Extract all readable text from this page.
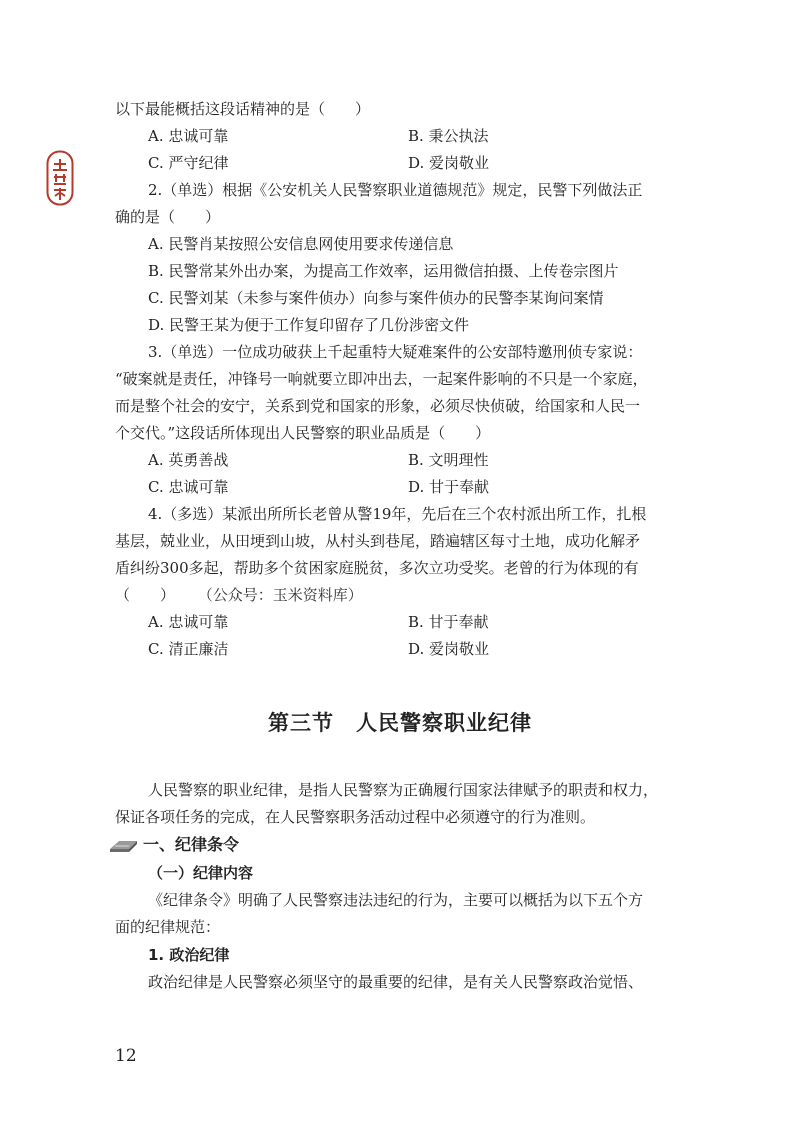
以下最能概括这段话精神的是（　　）
A. 忠诚可靠	B. 秉公执法
C. 严守纪律	D. 爱岗敬业
2.（单选）根据《公安机关人民警察职业道德规范》规定，民警下列做法正
确的是（　　）
A. 民警肖某按照公安信息网使用要求传递信息
B. 民警常某外出办案，为提高工作效率，运用微信拍摄、上传卷宗图片
C. 民警刘某（未参与案件侦办）向参与案件侦办的民警李某询问案情
D. 民警王某为便于工作复印留存了几份涉密文件
3.（单选）一位成功破获上千起重特大疑难案件的公安部特邀刑侦专家说：
“破案就是责任，冲锋号一响就要立即冲出去，一起案件影响的不只是一个家庭，
而是整个社会的安宁，关系到党和国家的形象，必须尽快侦破，给国家和人民一
个交代。”这段话所体现出人民警察的职业品质是（　　）
A. 英勇善战	B. 文明理性
C. 忠诚可靠	D. 甘于奉献
4.（多选）某派出所所长老曾从警19年，先后在三个农村派出所工作，扎根
基层，兢业业，从田埂到山坡，从村头到巷尾，踏遍辖区每寸土地，成功化解矛
盾纠纷300多起，帮助多个贫困家庭脱贫，多次立功受奖。老曾的行为体现的有
（　　） （公众号：玉米资料库）
A. 忠诚可靠	B. 甘于奉献
C. 清正廉洁	D. 爱岗敬业
第三节　人民警察职业纪律
人民警察的职业纪律，是指人民警察为正确履行国家法律赋予的职责和权力，
保证各项任务的完成，在人民警察职务活动过程中必须遵守的行为准则。
一、纪律条令
（一）纪律内容
《纪律条令》明确了人民警察违法违纪的行为，主要可以概括为以下五个方
面的纪律规范：
1. 政治纪律
政治纪律是人民警察必须坚守的最重要的纪律，是有关人民警察政治觉悟、
12
